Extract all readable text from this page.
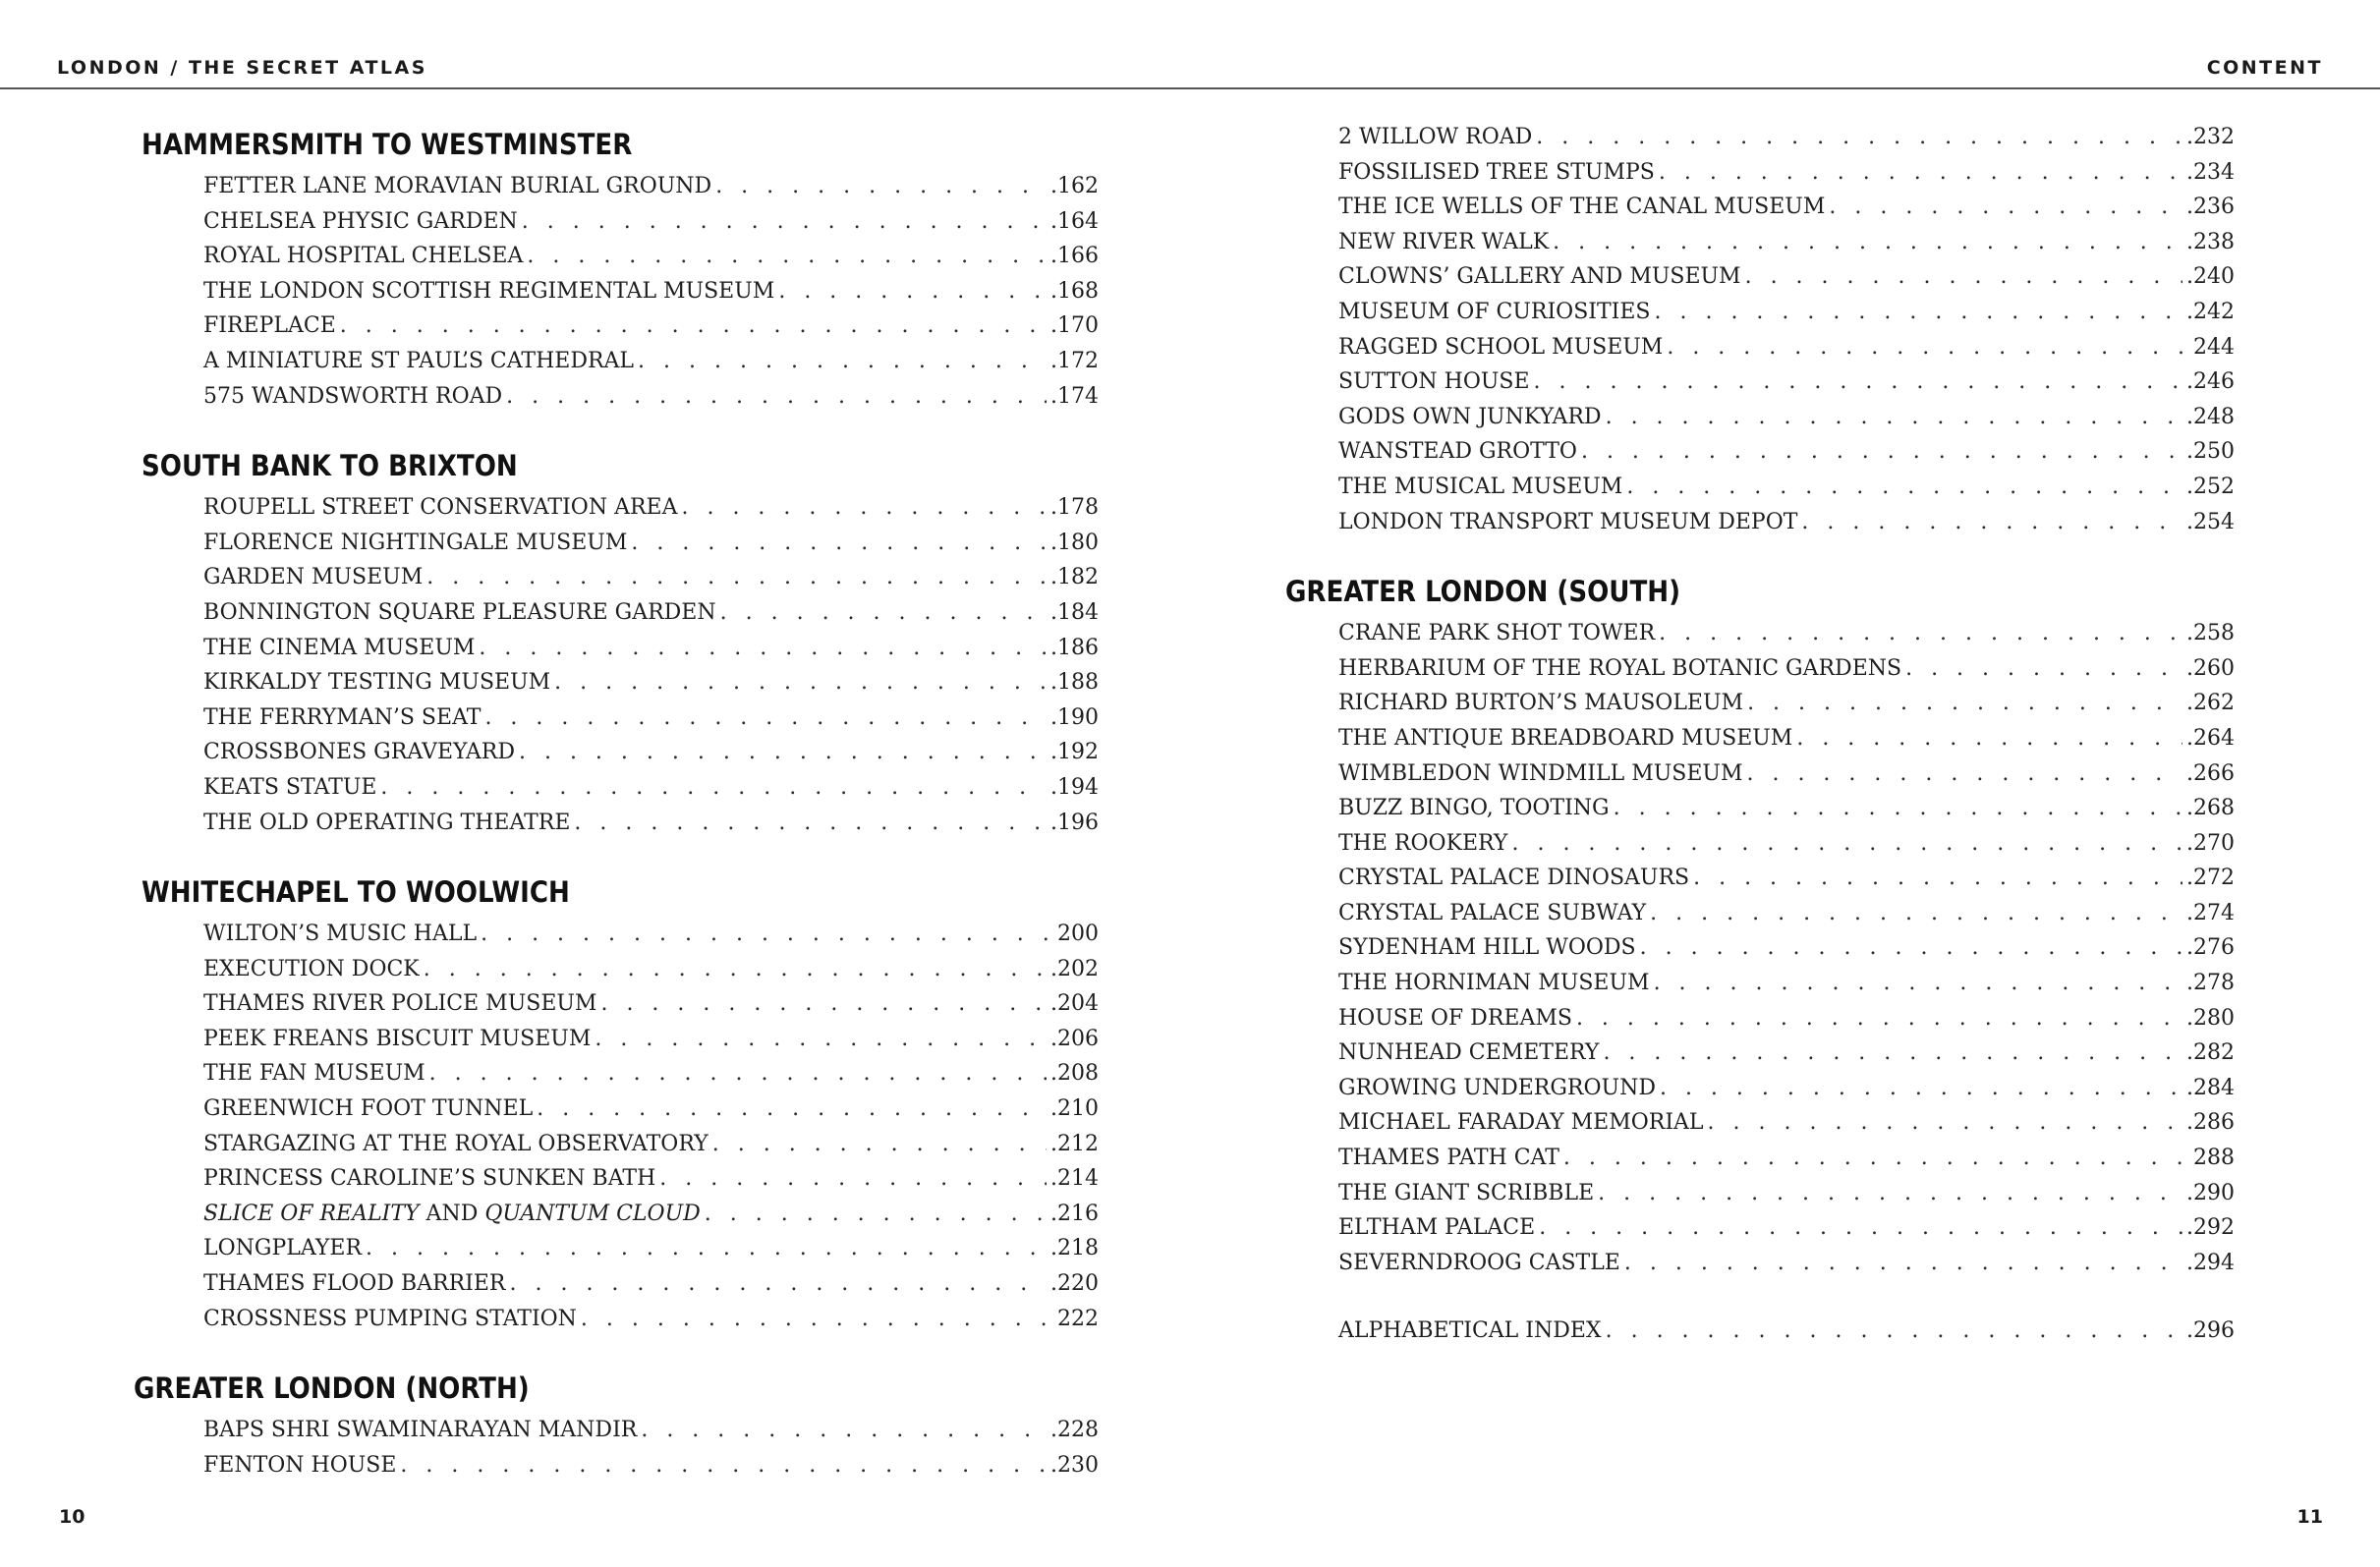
LONDON / THE SECRET ATLAS	CONTENT
HAMMERSMITH TO WESTMINSTER
FETTER LANE MORAVIAN BURIAL GROUND . . .	.162
CHELSEA PHYSIC GARDEN . . .	.164
ROYAL HOSPITAL CHELSEA . . .	.166
THE LONDON SCOTTISH REGIMENTAL MUSEUM . . .	.168
FIREPLACE . . .	.170
A MINIATURE ST PAUL’S CATHEDRAL . . .	.172
575 WANDSWORTH ROAD . . .	.174
SOUTH BANK TO BRIXTON
ROUPELL STREET CONSERVATION AREA . . .	.178
FLORENCE NIGHTINGALE MUSEUM . . .	.180
GARDEN MUSEUM . . .	.182
BONNINGTON SQUARE PLEASURE GARDEN . . .	.184
THE CINEMA MUSEUM . . .	.186
KIRKALDY TESTING MUSEUM . . .	.188
THE FERRYMAN’S SEAT . . .	.190
CROSSBONES GRAVEYARD . . .	.192
KEATS STATUE . . .	.194
THE OLD OPERATING THEATRE . . .	.196
WHITECHAPEL TO WOOLWICH
WILTON’S MUSIC HALL . . .	200
EXECUTION DOCK . . .	.202
THAMES RIVER POLICE MUSEUM . . .	.204
PEEK FREANS BISCUIT MUSEUM . . .	.206
THE FAN MUSEUM . . .	.208
GREENWICH FOOT TUNNEL . . .	.210
STARGAZING AT THE ROYAL OBSERVATORY . . .	.212
PRINCESS CAROLINE’S SUNKEN BATH . . .	.214
SLICE OF REALITY AND QUANTUM CLOUD . . .	.216
LONGPLAYER . . .	.218
THAMES FLOOD BARRIER . . .	.220
CROSSNESS PUMPING STATION . . .	222
GREATER LONDON (NORTH)
BAPS SHRI SWAMINARAYAN MANDIR . . .	.228
FENTON HOUSE . . .	.230
2 WILLOW ROAD . . .	.232
FOSSILISED TREE STUMPS . . .	.234
THE ICE WELLS OF THE CANAL MUSEUM . . .	.236
NEW RIVER WALK . . .	.238
CLOWNS’ GALLERY AND MUSEUM . . .	.240
MUSEUM OF CURIOSITIES . . .	.242
RAGGED SCHOOL MUSEUM . . .	244
SUTTON HOUSE . . .	.246
GODS OWN JUNKYARD . . .	.248
WANSTEAD GROTTO . . .	.250
THE MUSICAL MUSEUM . . .	.252
LONDON TRANSPORT MUSEUM DEPOT . . .	.254
GREATER LONDON (SOUTH)
CRANE PARK SHOT TOWER . . .	.258
HERBARIUM OF THE ROYAL BOTANIC GARDENS . . .	.260
RICHARD BURTON’S MAUSOLEUM . . .	.262
THE ANTIQUE BREADBOARD MUSEUM . . .	.264
WIMBLEDON WINDMILL MUSEUM . . .	.266
BUZZ BINGO, TOOTING . . .	.268
THE ROOKERY . . .	.270
CRYSTAL PALACE DINOSAURS . . .	.272
CRYSTAL PALACE SUBWAY . . .	.274
SYDENHAM HILL WOODS . . .	.276
THE HORNIMAN MUSEUM . . .	.278
HOUSE OF DREAMS . . .	.280
NUNHEAD CEMETERY . . .	.282
GROWING UNDERGROUND . . .	.284
MICHAEL FARADAY MEMORIAL . . .	.286
THAMES PATH CAT . . .	288
THE GIANT SCRIBBLE . . .	.290
ELTHAM PALACE . . .	.292
SEVERNDROOG CASTLE . . .	.294
ALPHABETICAL INDEX . . .	.296
10	11
